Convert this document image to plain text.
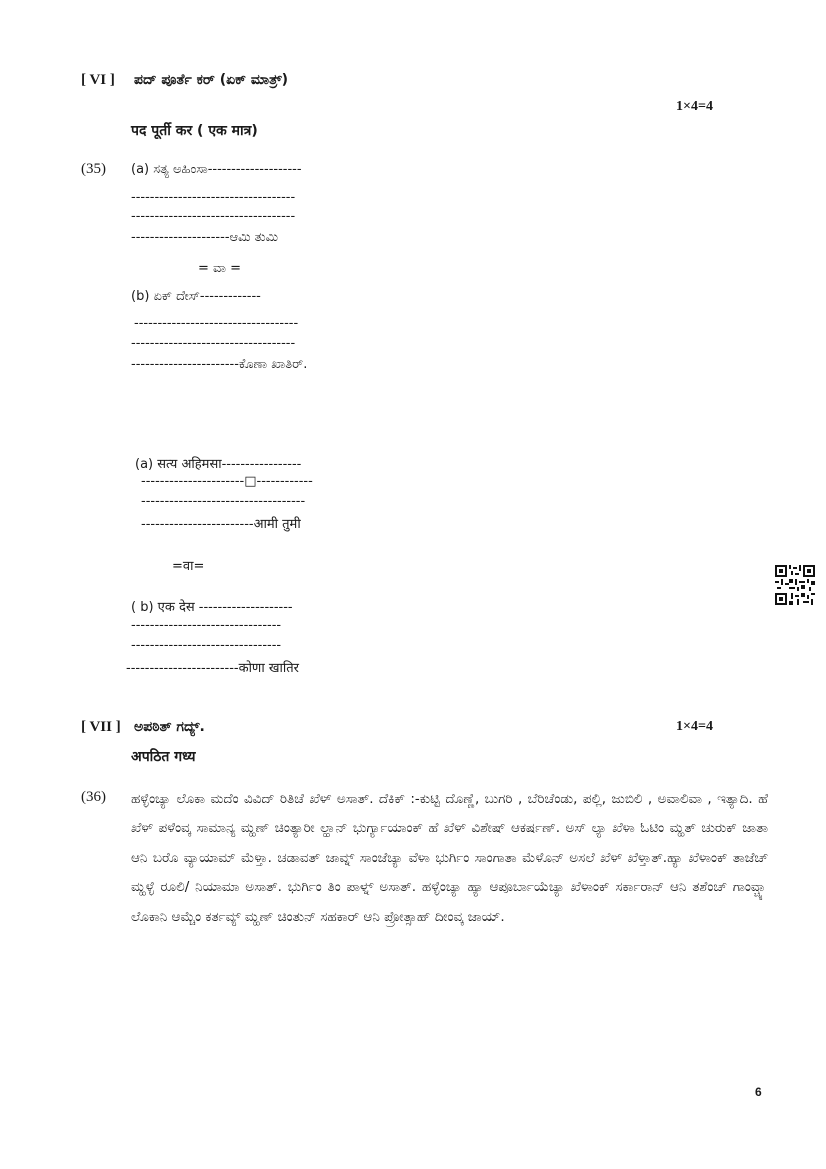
[ VI ] ಪದ್ ಪೂರ್ತೆ ಕರ್ (ಏಕ್ ಮಾತ್ರ್)
1×4=4
पद पूर्ती कर ( एक मात्र)
(35) (a) ಸತ್ಯ ಅಹಿಂಸಾ--------------------
-----------------------------------
-----------------------------------
---------------------ಆಮಿ ತುಮಿ
= ವಾ =
(b) ಏಕ್ ದೇಸ್-------------
-----------------------------------
-----------------------------------
-----------------------ಕೊಣಾ ಖಾತಿರ್.
(a) सत्य अहिमसा-----------------
----------------------□------------
-----------------------------------
------------------------आमी तुमी
=वा=
( b) एक देस --------------------
--------------------------------
--------------------------------
------------------------कोणा खातिर
[ VII ] ಅಪಠಿತ್ ಗದ್ಯ್.	1×4=4
अपठित गध्य
(36) ಹಳ್ಳೆಂಚ್ಯಾ ಲೊಕಾ ಮದೆಂ ವಿವಿದ್ ರಿತಿಚೆ ಖೆಳ್ ಅಸಾತ್. ದೆಕಿಕ್ :-ಕುಟ್ಟಿ ದೊಣ್ಣೆ, ಬುಗರಿ , ಬೆರಿಚೆಂಡು, ಪಲ್ಲಿ, ಜುಬಿಲಿ , ಅವಾಲಿವಾ , ಇತ್ಯಾದಿ. ಹೆ ಖೆಳ್ ಪಳೆಂವ್ಕ ಸಾಮಾನ್ಯ ಮ್ಹಣ್ ಚಿಂತ್ಯಾರೀ ಲ್ಹಾನ್ ಭುರ್ಗ್ಯಾಯಾಂಕ್ ಹೆ ಖೆಳ್ ವಿಶೇಷ್ ಆಕರ್ಷಣ್. ಅಸ್ ಲ್ಯಾ ಖೆಳಾ ಓಟಿಂ ಮ್ಹತ್ ಚುರುಕ್ ಜಾತಾ ಆನಿ ಬರೊ ವ್ಯಾಯಾಮ್ ಮೆಳ್ತಾ. ಚಡಾವತ್ ಜಾವ್ನ್ ಸಾಂಜೆಚ್ಯಾ ವೆಳಾ ಭುರ್ಗಿಂ ಸಾಂಗಾತಾ ಮೆಳೊನ್ ಅಸಲೆ ಖೆಳ್ ಖೆಳ್ತಾತ್.ಹ್ಯಾ ಖೆಳಾಂಕ್ ತಾಜೆಚ್ ಮ್ಹಳ್ಳೆ ರೂಲಿ/ ನಿಯಾಮಾ ಅಸಾತ್. ಭುರ್ಗಿಂ ತಿಂ ಪಾಳ್ನ್ ಅಸಾತ್. ಹಳ್ಳೆಂಚ್ಯಾ ಹ್ಯಾ ಆಪೂರ್ಬಾಯೆಚ್ಯಾ ಖೆಳಾಂಕ್ ಸರ್ಕಾರಾನ್ ಆನಿ ತಶೆಂಚ್ ಗಾಂವ್ಚ್ಯಾ ಲೊಕಾನಿ ಆಮ್ಚೆಂ ಕರ್ತವ್ಯ್ ಮ್ಹಣ್ ಚಿಂತುನ್ ಸಹಕಾರ್ ಆನಿ ಪ್ರೋತ್ಸಾಹ್ ದೀಂವ್ಕ ಜಾಯ್.
6
